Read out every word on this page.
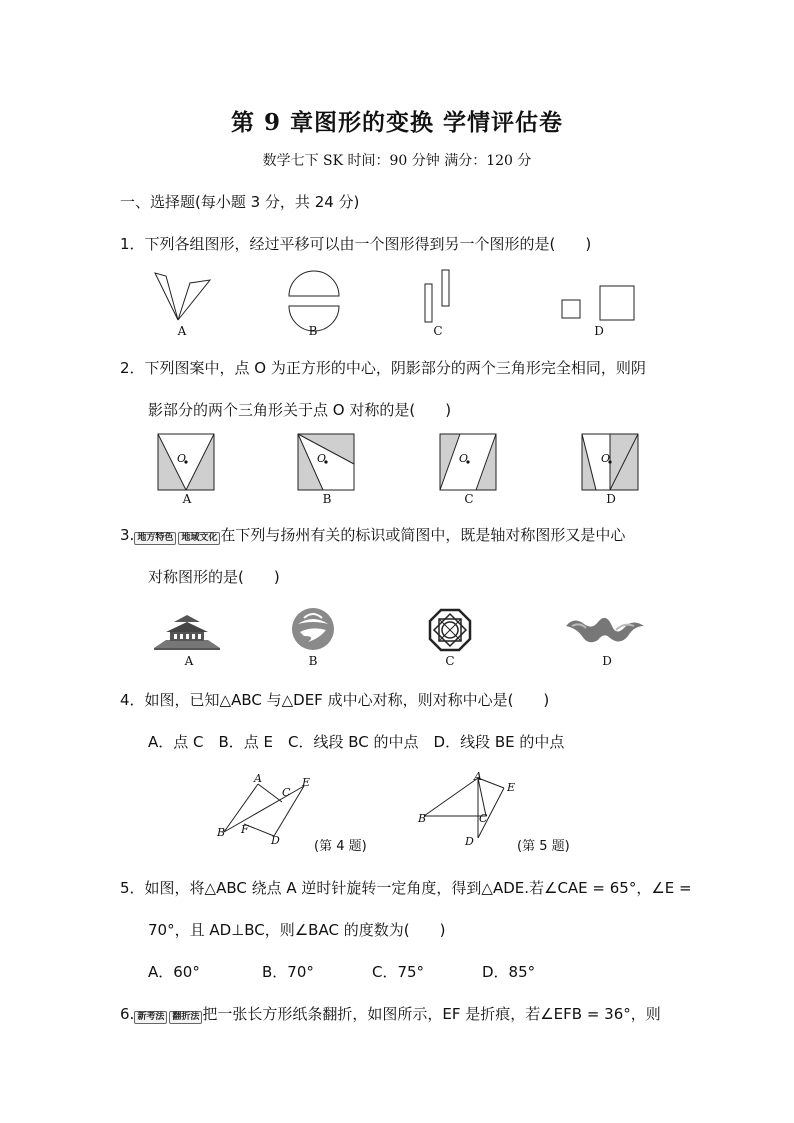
第 9 章图形的变换 学情评估卷
数学七下 SK 时间：90 分钟 满分：120 分
一、选择题(每小题 3 分，共 24 分)
1．下列各组图形，经过平移可以由一个图形得到另一个图形的是(　　)
A	B	C	D
2．下列图案中，点 O 为正方形的中心，阴影部分的两个三角形完全相同，则阴
影部分的两个三角形关于点 O 对称的是(　　)
O	O	O	O
A	B	C	D
3. 地方特色 地域文化 在下列与扬州有关的标识或简图中，既是轴对称图形又是中心
对称图形的是(　　)
A	B	C	D
4．如图，已知△ABC 与△DEF 成中心对称，则对称中心是(　　)
A．点 C　B．点 E　C．线段 BC 的中点　D．线段 BE 的中点
A
C
E
B F
D	(第 4 题)
A
E
B	C
D	(第 5 题)
5．如图，将△ABC 绕点 A 逆时针旋转一定角度，得到△ADE.若∠CAE = 65°，∠E =
70°，且 AD⊥BC，则∠BAC 的度数为(　　)
A．60°	B．70°	C．75°	D．85°
6. 新考法 翻折法 把一张长方形纸条翻折，如图所示，EF 是折痕，若∠EFB = 36°，则
